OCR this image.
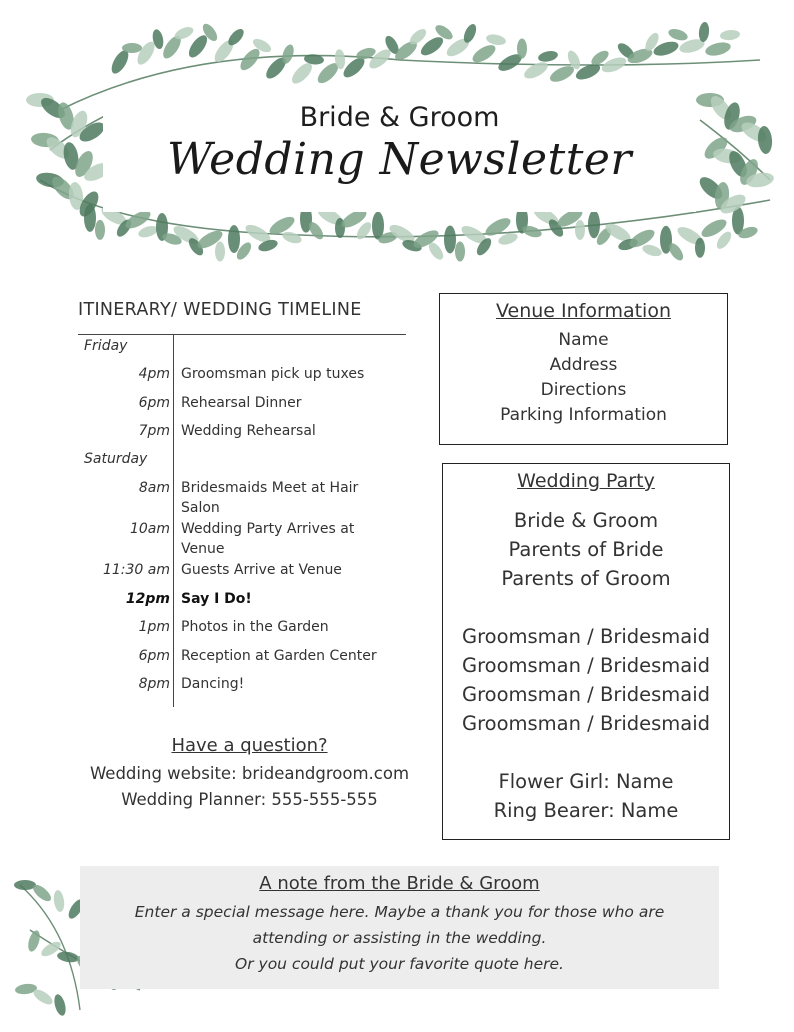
Bride & Groom
Wedding Newsletter
ITINERARY/ WEDDING TIMELINE
Friday
4pm Groomsman pick up tuxes
6pm Rehearsal Dinner
7pm Wedding Rehearsal
Saturday
8am Bridesmaids Meet at Hair Salon
10am Wedding Party Arrives at Venue
11:30 am Guests Arrive at Venue
12pm Say I Do!
1pm Photos in the Garden
6pm Reception at Garden Center
8pm Dancing!
Have a question?
Wedding website: brideandgroom.com
Wedding Planner: 555-555-555
Venue Information
Name
Address
Directions
Parking Information
Wedding Party
Bride & Groom
Parents of Bride
Parents of Groom
Groomsman / Bridesmaid
Groomsman / Bridesmaid
Groomsman / Bridesmaid
Groomsman / Bridesmaid
Flower Girl: Name
Ring Bearer: Name
A note from the Bride & Groom
Enter a special message here. Maybe a thank you for those who are
attending or assisting in the wedding.
Or you could put your favorite quote here.
